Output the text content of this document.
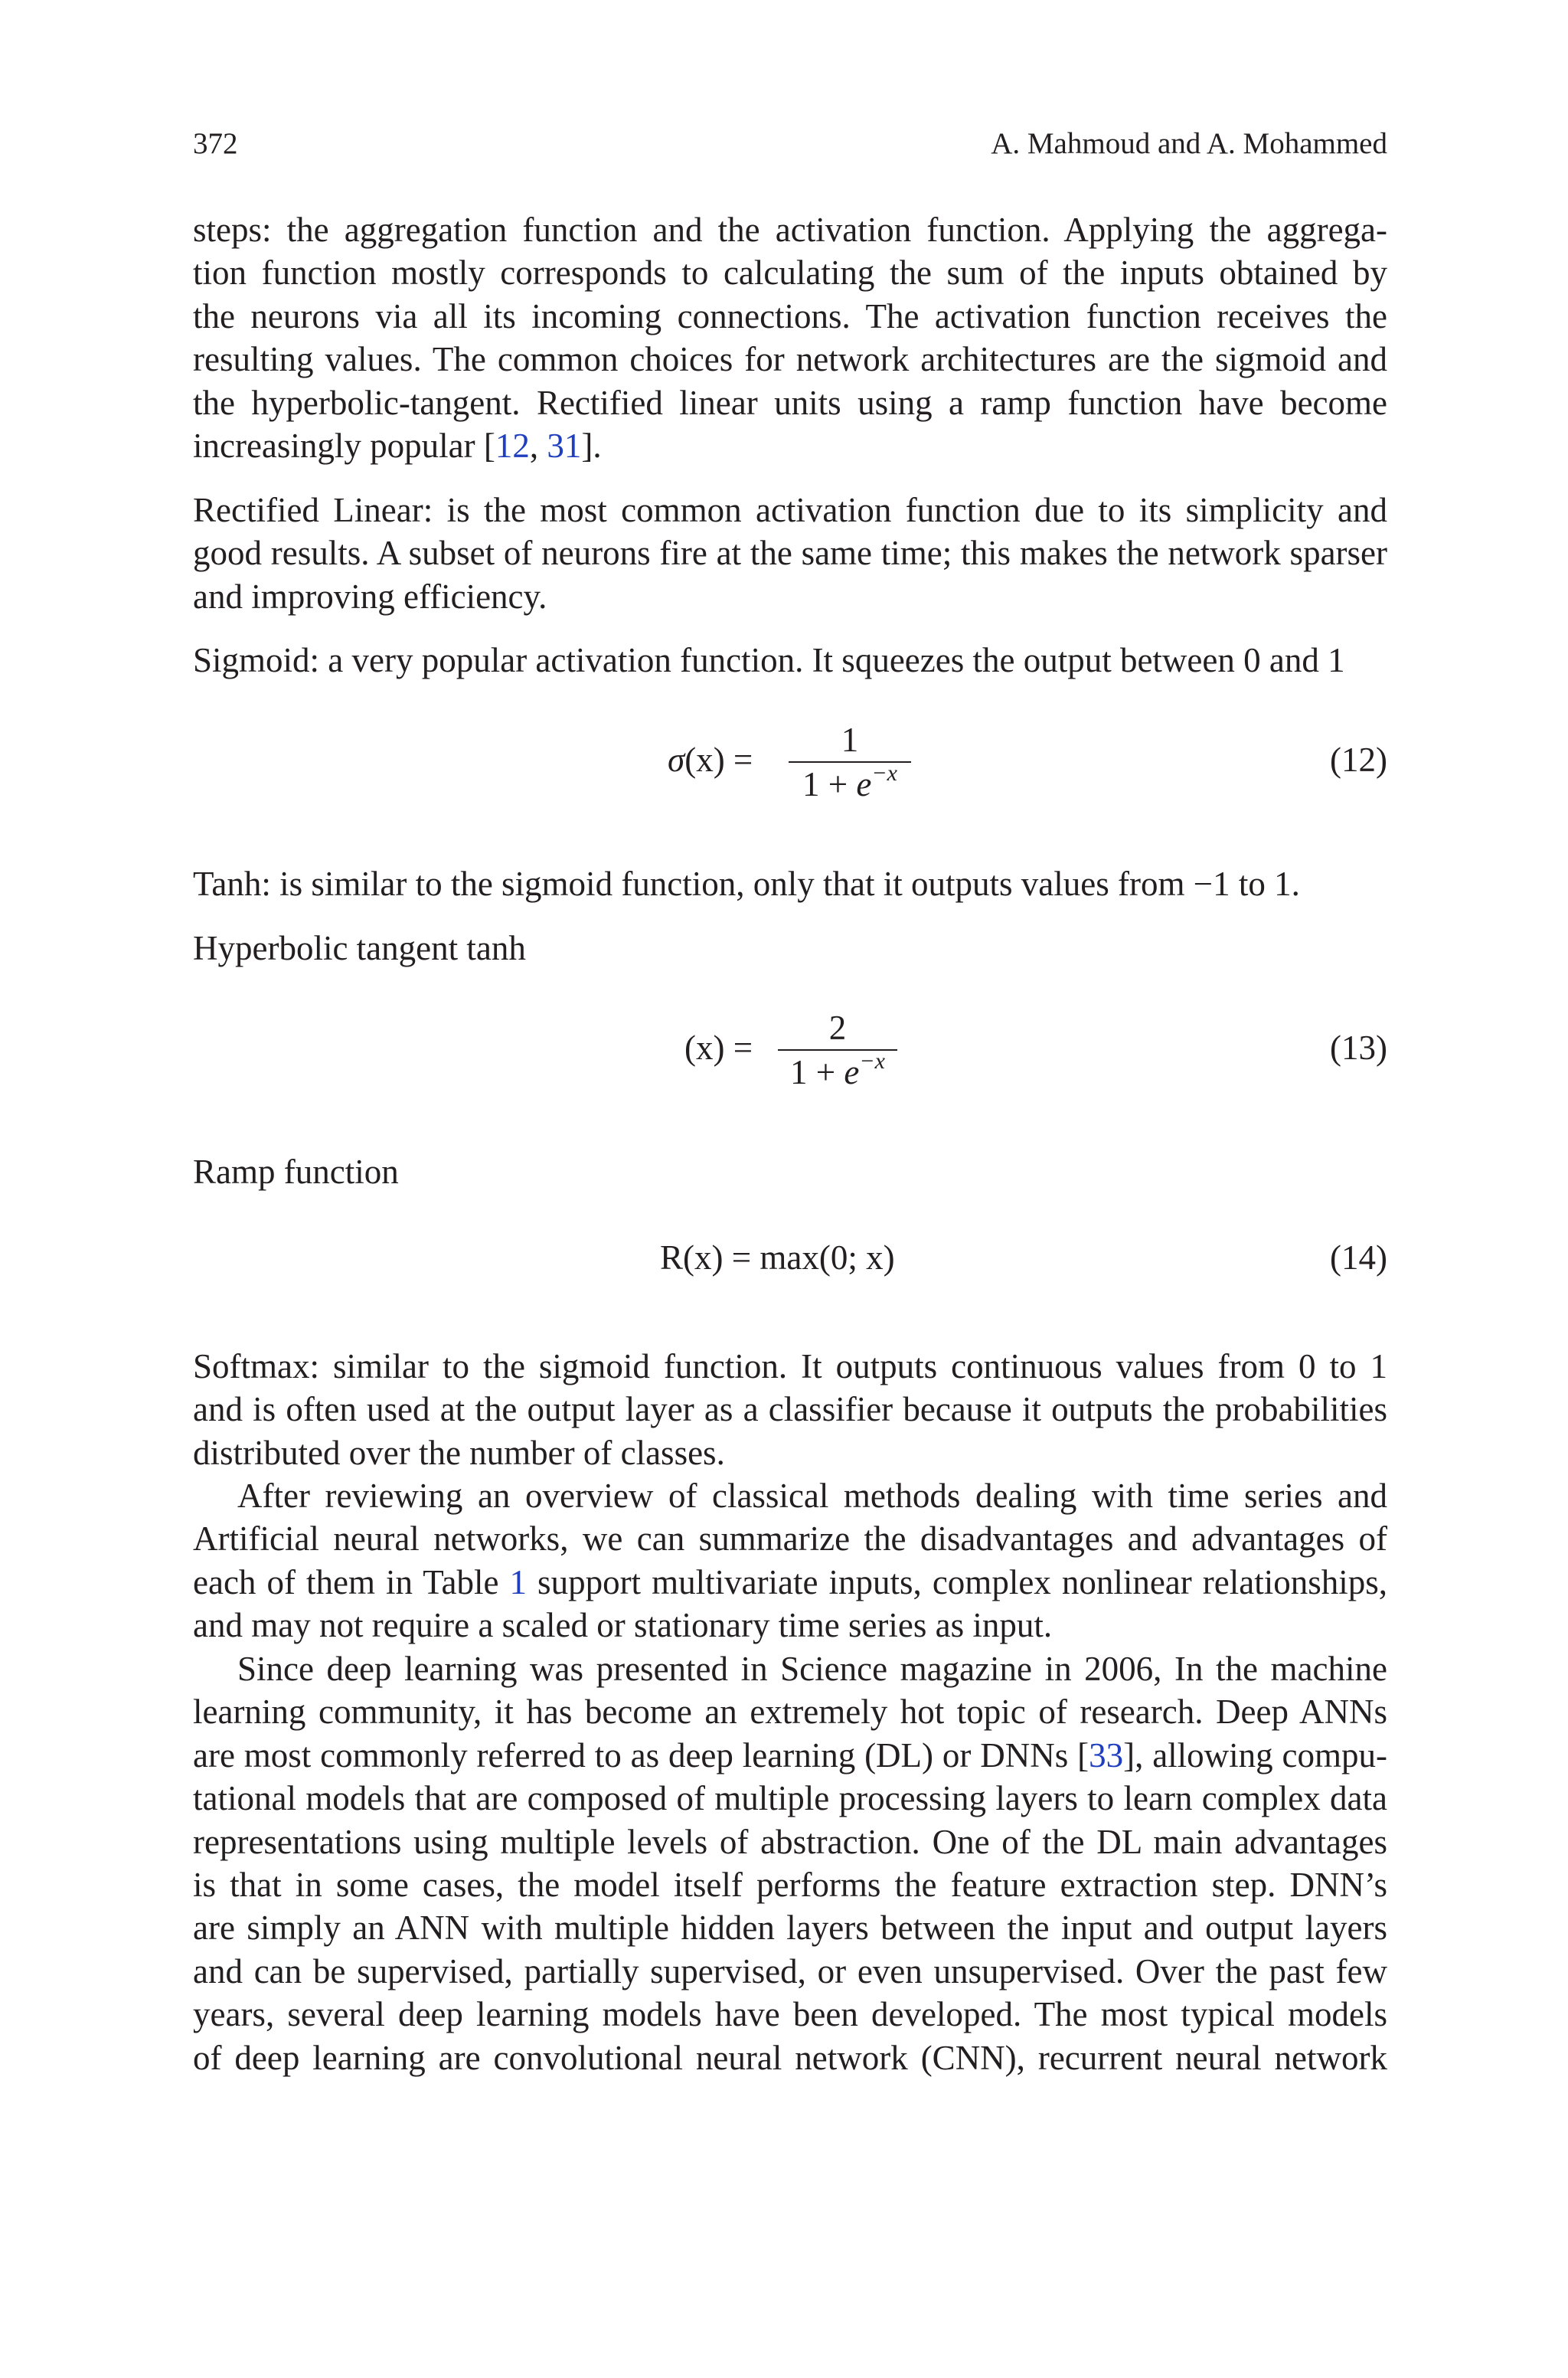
372	A. Mahmoud and A. Mohammed
steps: the aggregation function and the activation function. Applying the aggrega-
tion function mostly corresponds to calculating the sum of the inputs obtained by
the neurons via all its incoming connections. The activation function receives the
resulting values. The common choices for network architectures are the sigmoid and
the hyperbolic-tangent. Rectified linear units using a ramp function have become
increasingly popular [12, 31].
Rectified Linear: is the most common activation function due to its simplicity and
good results. A subset of neurons fire at the same time; this makes the network sparser
and improving efficiency.
Sigmoid: a very popular activation function. It squeezes the output between 0 and 1
σ(x) =
1
$1 + e^{-x}$	(12)
Tanh: is similar to the sigmoid function, only that it outputs values from −1 to 1.
Hyperbolic tangent tanh
(x) =
2
$1 + e^{-x}$	(13)
Ramp function
R(x) = max(0; x)	(14)
Softmax: similar to the sigmoid function. It outputs continuous values from 0 to 1
and is often used at the output layer as a classifier because it outputs the probabilities
distributed over the number of classes.
After reviewing an overview of classical methods dealing with time series and
Artificial neural networks, we can summarize the disadvantages and advantages of
each of them in Table 1 support multivariate inputs, complex nonlinear relationships,
and may not require a scaled or stationary time series as input.
Since deep learning was presented in Science magazine in 2006, In the machine
learning community, it has become an extremely hot topic of research. Deep ANNs
are most commonly referred to as deep learning (DL) or DNNs [33], allowing compu-
tational models that are composed of multiple processing layers to learn complex data
representations using multiple levels of abstraction. One of the DL main advantages
is that in some cases, the model itself performs the feature extraction step. DNN’s
are simply an ANN with multiple hidden layers between the input and output layers
and can be supervised, partially supervised, or even unsupervised. Over the past few
years, several deep learning models have been developed. The most typical models
of deep learning are convolutional neural network (CNN), recurrent neural network
